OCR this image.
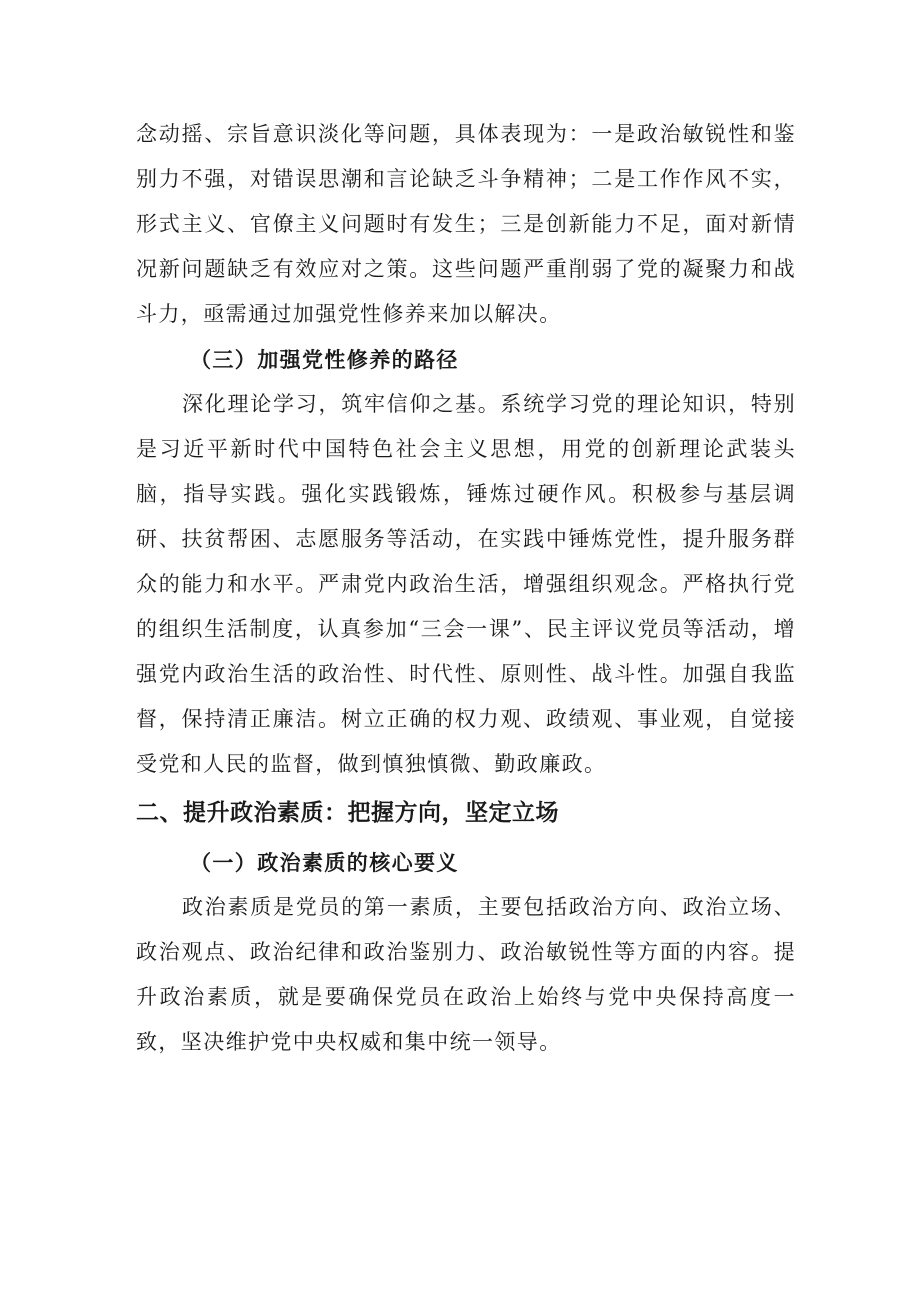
念动摇、宗旨意识淡化等问题，具体表现为：一是政治敏锐性和鉴别力不强，对错误思潮和言论缺乏斗争精神；二是工作作风不实，形式主义、官僚主义问题时有发生；三是创新能力不足，面对新情况新问题缺乏有效应对之策。这些问题严重削弱了党的凝聚力和战斗力，亟需通过加强党性修养来加以解决。

（三）加强党性修养的路径

深化理论学习，筑牢信仰之基。系统学习党的理论知识，特别是习近平新时代中国特色社会主义思想，用党的创新理论武装头脑，指导实践。强化实践锻炼，锤炼过硬作风。积极参与基层调研、扶贫帮困、志愿服务等活动，在实践中锤炼党性，提升服务群众的能力和水平。严肃党内政治生活，增强组织观念。严格执行党的组织生活制度，认真参加“三会一课”、民主评议党员等活动，增强党内政治生活的政治性、时代性、原则性、战斗性。加强自我监督，保持清正廉洁。树立正确的权力观、政绩观、事业观，自觉接受党和人民的监督，做到慎独慎微、勤政廉政。

二、提升政治素质：把握方向，坚定立场
（一）政治素质的核心要义

政治素质是党员的第一素质，主要包括政治方向、政治立场、政治观点、政治纪律和政治鉴别力、政治敏锐性等方面的内容。提升政治素质，就是要确保党员在政治上始终与党中央保持高度一致，坚决维护党中央权威和集中统一领导。
